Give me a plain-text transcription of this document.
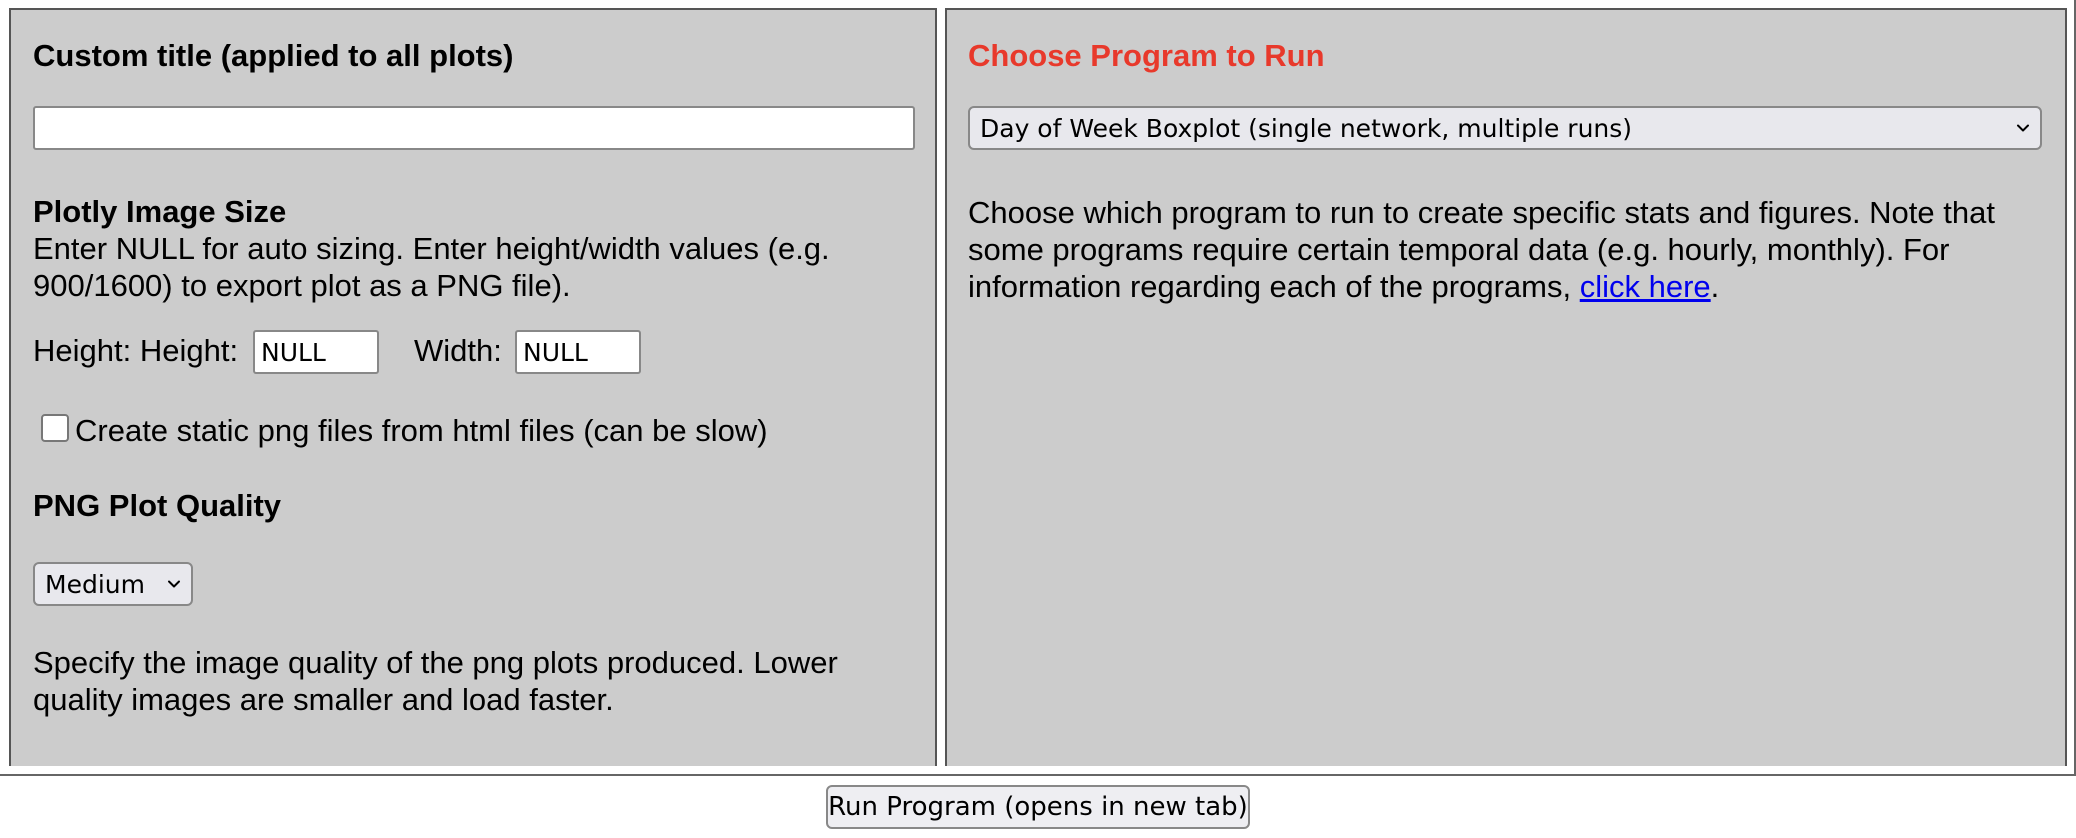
Custom title (applied to all plots)
Plotly Image Size
Enter NULL for auto sizing. Enter height/width values (e.g. 900/1600) to export plot as a PNG file).
Height: Height: NULL	Width: NULL
Create static png files from html files (can be slow)
PNG Plot Quality
Medium
Specify the image quality of the png plots produced. Lower quality images are smaller and load faster.
Choose Program to Run
Day of Week Boxplot (single network, multiple runs)
Choose which program to run to create specific stats and figures. Note that some programs require certain temporal data (e.g. hourly, monthly). For information regarding each of the programs, click here.
Run Program (opens in new tab)
